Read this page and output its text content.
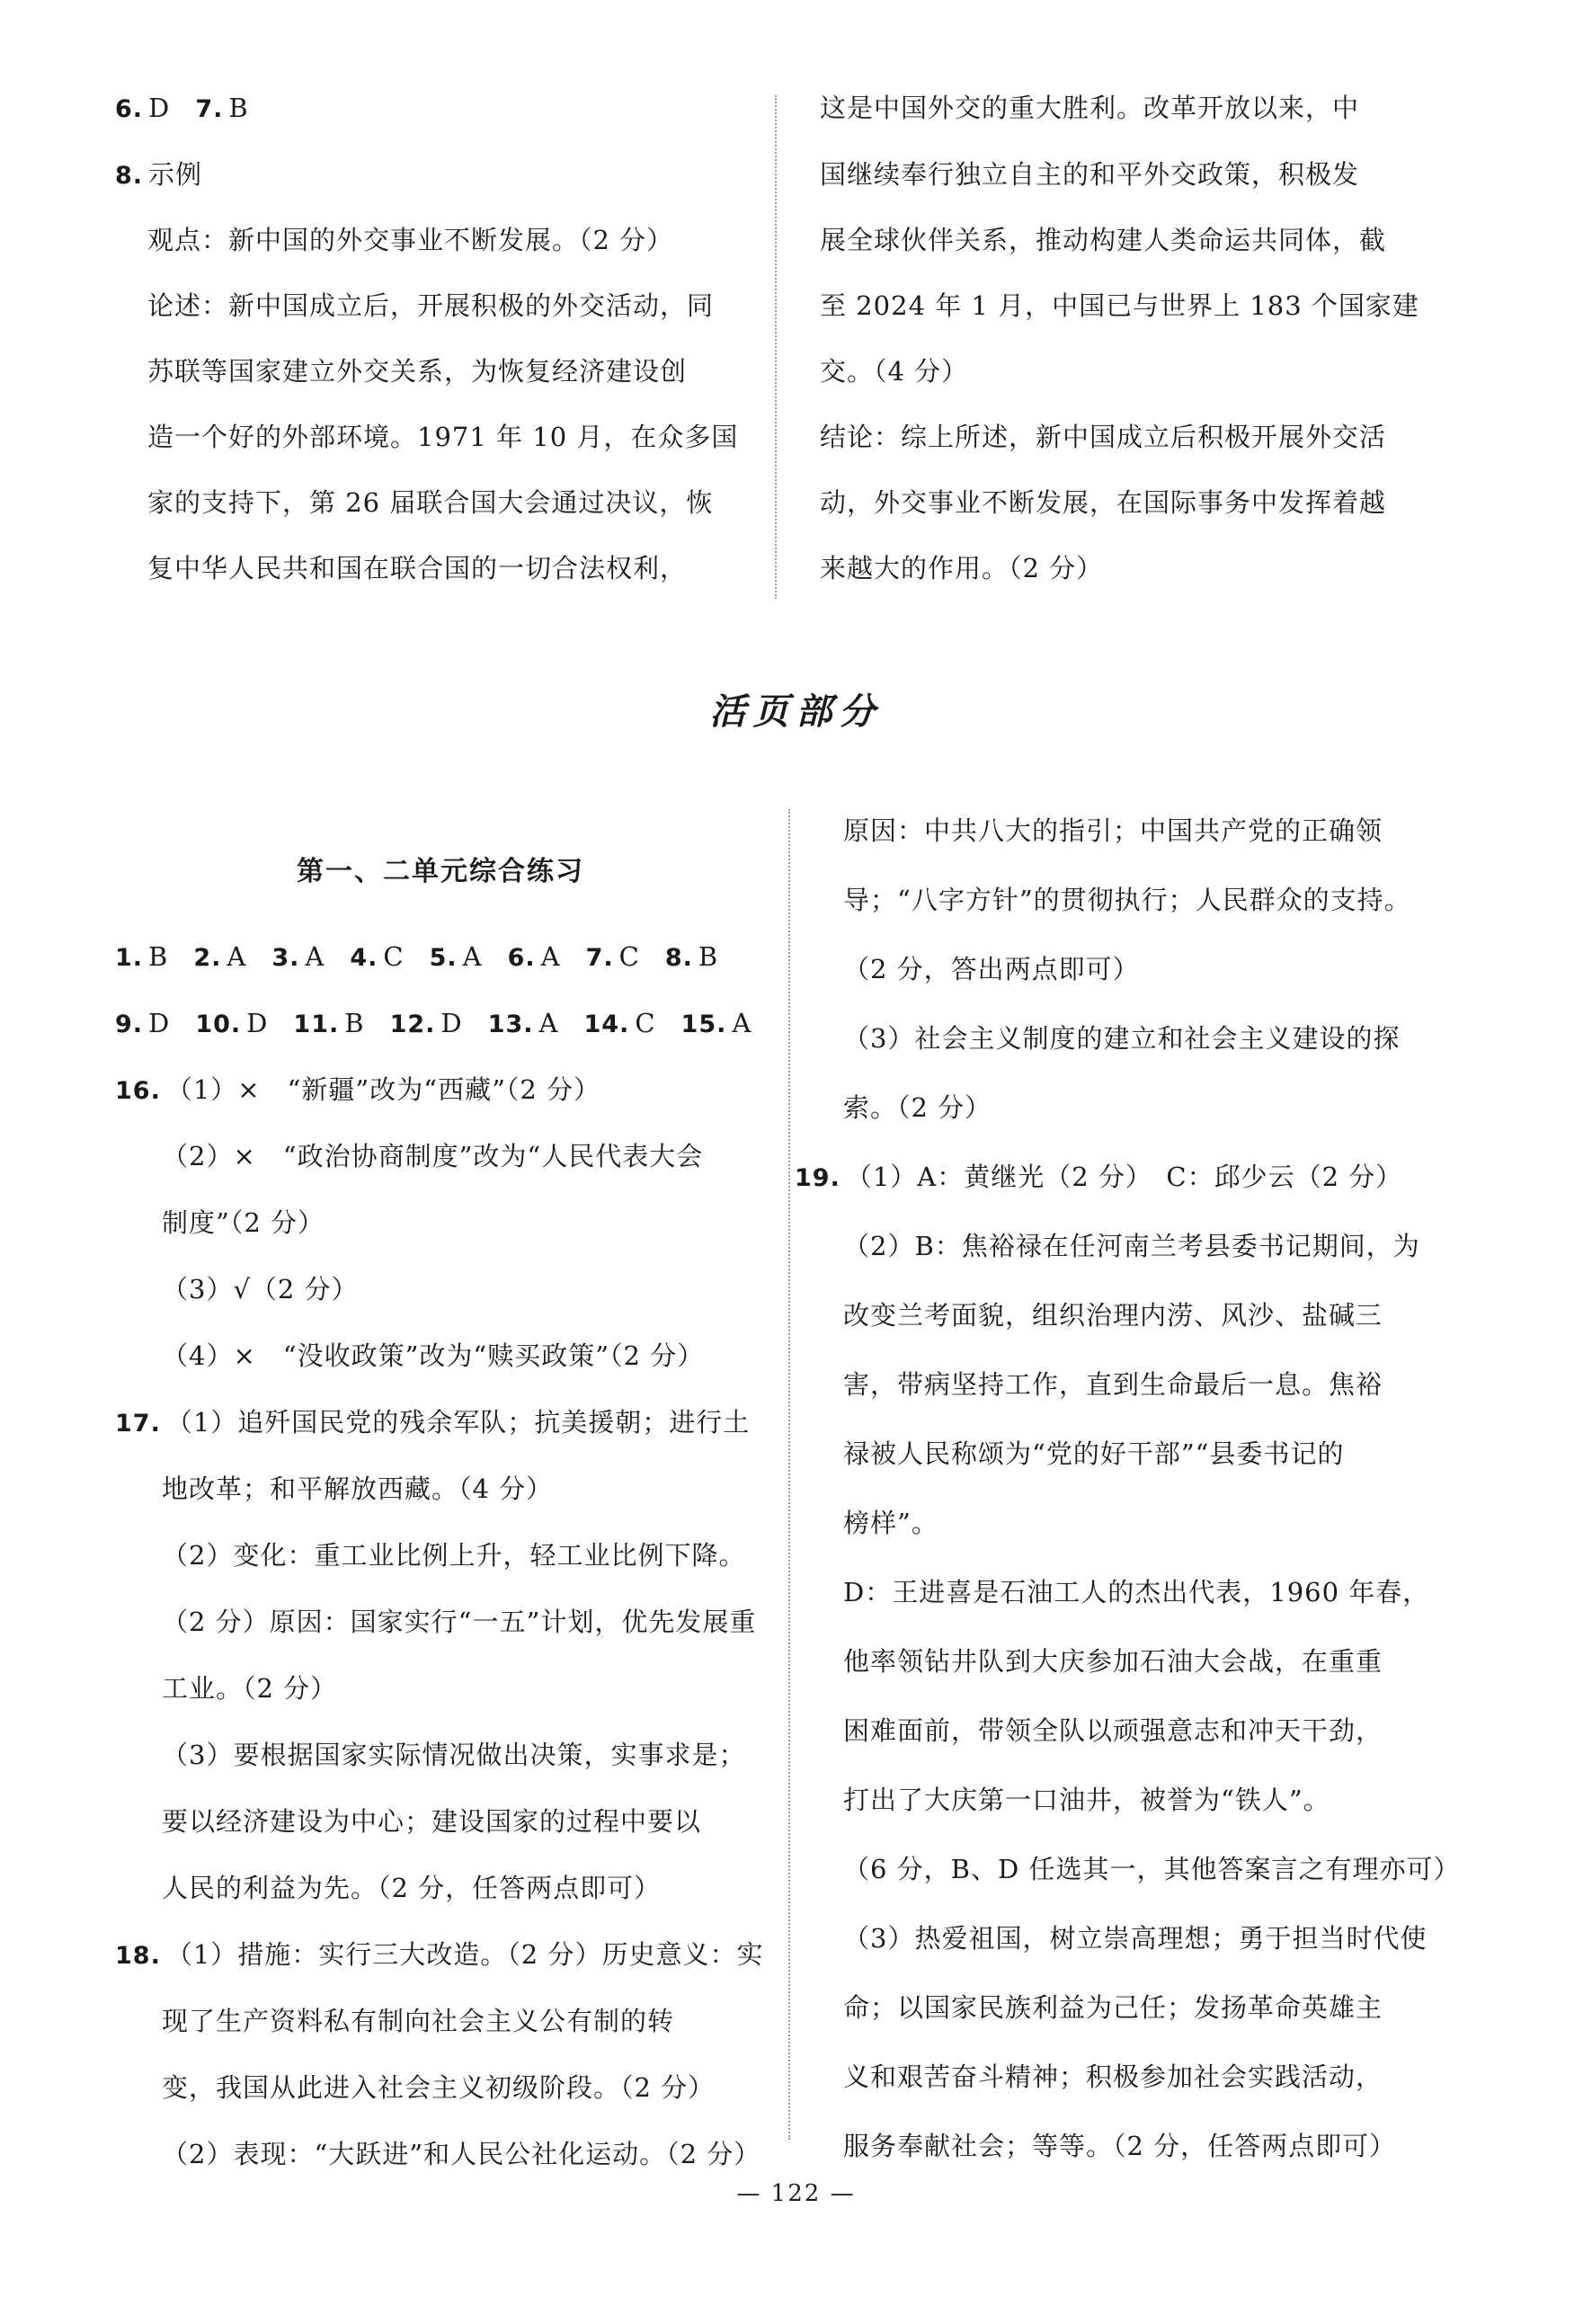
6. D 7. B
8. 示例
观点：新中国的外交事业不断发展。（2 分）
论述：新中国成立后，开展积极的外交活动，同
苏联等国家建立外交关系，为恢复经济建设创
造一个好的外部环境。1971 年 10 月，在众多国
家的支持下，第 26 届联合国大会通过决议，恢
复中华人民共和国在联合国的一切合法权利，
这是中国外交的重大胜利。改革开放以来，中
国继续奉行独立自主的和平外交政策，积极发
展全球伙伴关系，推动构建人类命运共同体，截
至 2024 年 1 月，中国已与世界上 183 个国家建
交。（4 分）
结论：综上所述，新中国成立后积极开展外交活
动，外交事业不断发展，在国际事务中发挥着越
来越大的作用。（2 分）
活页部分
第一、二单元综合练习
1. B 2. A 3. A 4. C 5. A 6. A 7. C 8. B
9. D 10. D 11. B 12. D 13. A 14. C 15. A
16. （1）×　“新疆”改为“西藏”（2 分）
（2）×　“政治协商制度”改为“人民代表大会
制度”（2 分）
（3）√（2 分）
（4）×　“没收政策”改为“赎买政策”（2 分）
17. （1）追歼国民党的残余军队；抗美援朝；进行土
地改革；和平解放西藏。（4 分）
（2）变化：重工业比例上升，轻工业比例下降。
（2 分）原因：国家实行“一五”计划，优先发展重
工业。（2 分）
（3）要根据国家实际情况做出决策，实事求是；
要以经济建设为中心；建设国家的过程中要以
人民的利益为先。（2 分，任答两点即可）
18. （1）措施：实行三大改造。（2 分）历史意义：实
现了生产资料私有制向社会主义公有制的转
变，我国从此进入社会主义初级阶段。（2 分）
（2）表现：“大跃进”和人民公社化运动。（2 分）
原因：中共八大的指引；中国共产党的正确领
导；“八字方针”的贯彻执行；人民群众的支持。
（2 分，答出两点即可）
（3）社会主义制度的建立和社会主义建设的探
索。（2 分）
19. （1）A：黄继光（2 分）　C：邱少云（2 分）
（2）B：焦裕禄在任河南兰考县委书记期间，为
改变兰考面貌，组织治理内涝、风沙、盐碱三
害，带病坚持工作，直到生命最后一息。焦裕
禄被人民称颂为“党的好干部”“县委书记的
榜样”。
D：王进喜是石油工人的杰出代表，1960 年春，
他率领钻井队到大庆参加石油大会战，在重重
困难面前，带领全队以顽强意志和冲天干劲，
打出了大庆第一口油井，被誉为“铁人”。
（6 分，B、D 任选其一，其他答案言之有理亦可）
（3）热爱祖国，树立崇高理想；勇于担当时代使
命；以国家民族利益为己任；发扬革命英雄主
义和艰苦奋斗精神；积极参加社会实践活动，
服务奉献社会；等等。（2 分，任答两点即可）
— 122 —
